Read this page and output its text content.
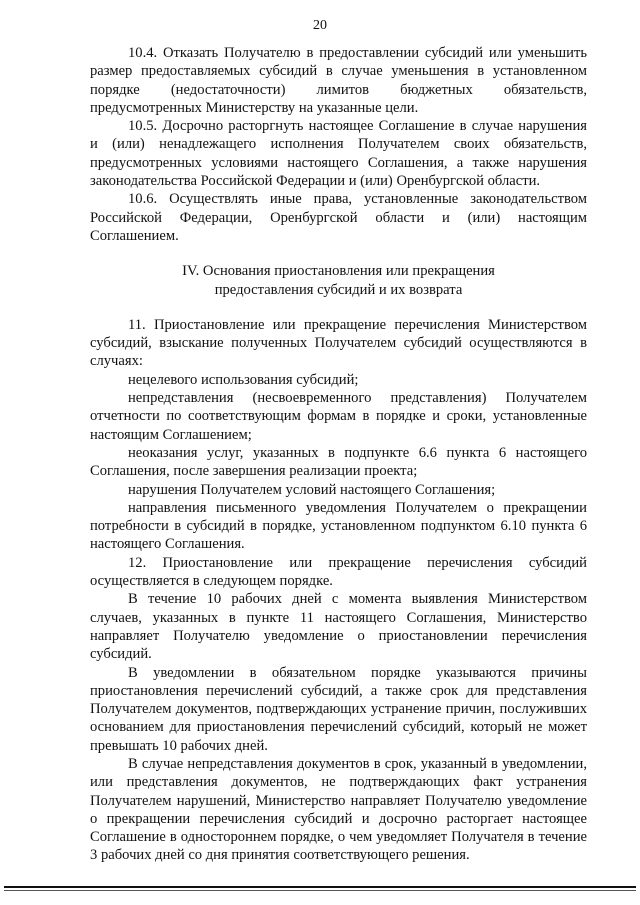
20

10.4. Отказать Получателю в предоставлении субсидий или уменьшить размер предоставляемых субсидий в случае уменьшения в установленном порядке (недостаточности) лимитов бюджетных обязательств, предусмотренных Министерству на указанные цели.

10.5. Досрочно расторгнуть настоящее Соглашение в случае нарушения и (или) ненадлежащего исполнения Получателем своих обязательств, предусмотренных условиями настоящего Соглашения, а также нарушения законодательства Российской Федерации и (или) Оренбургской области.

10.6. Осуществлять иные права, установленные законодательством Российской Федерации, Оренбургской области и (или) настоящим Соглашением.

IV. Основания приостановления или прекращения
предоставления субсидий и их возврата

11. Приостановление или прекращение перечисления Министерством субсидий, взыскание полученных Получателем субсидий осуществляются в случаях:

нецелевого использования субсидий;

непредставления (несвоевременного представления) Получателем отчетности по соответствующим формам в порядке и сроки, установленные настоящим Соглашением;

неоказания услуг, указанных в подпункте 6.6 пункта 6 настоящего Соглашения, после завершения реализации проекта;

нарушения Получателем условий настоящего Соглашения;

направления письменного уведомления Получателем о прекращении потребности в субсидий в порядке, установленном подпунктом 6.10 пункта 6 настоящего Соглашения.

12. Приостановление или прекращение перечисления субсидий осуществляется в следующем порядке.

В течение 10 рабочих дней с момента выявления Министерством случаев, указанных в пункте 11 настоящего Соглашения, Министерство направляет Получателю уведомление о приостановлении перечисления субсидий.

В уведомлении в обязательном порядке указываются причины приостановления перечислений субсидий, а также срок для представления Получателем документов, подтверждающих устранение причин, послуживших основанием для приостановления перечислений субсидий, который не может превышать 10 рабочих дней.

В случае непредставления документов в срок, указанный в уведомлении, или представления документов, не подтверждающих факт устранения Получателем нарушений, Министерство направляет Получателю уведомление о прекращении перечисления субсидий и досрочно расторгает настоящее Соглашение в одностороннем порядке, о чем уведомляет Получателя в течение 3 рабочих дней со дня принятия соответствующего решения.
